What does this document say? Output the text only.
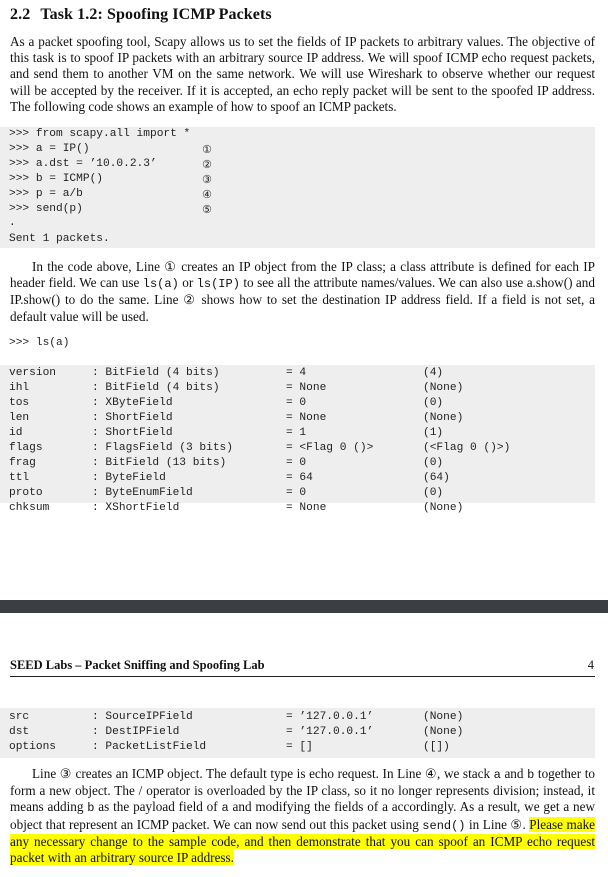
2.2 Task 1.2: Spoofing ICMP Packets

As a packet spoofing tool, Scapy allows us to set the fields of IP packets to arbitrary values. The objective of this task is to spoof IP packets with an arbitrary source IP address. We will spoof ICMP echo request packets, and send them to another VM on the same network. We will use Wireshark to observe whether our request will be accepted by the receiver. If it is accepted, an echo reply packet will be sent to the spoofed IP address. The following code shows an example of how to spoof an ICMP packets.

>>> from scapy.all import *
>>> a = IP()	①
>>> a.dst = ’10.0.2.3’	②
>>> b = ICMP()	③
>>> p = a/b	④
>>> send(p)	⑤
.
Sent 1 packets.

In the code above, Line ① creates an IP object from the IP class; a class attribute is defined for each IP header field. We can use ls(a) or ls(IP) to see all the attribute names/values. We can also use a.show() and IP.show() to do the same. Line ② shows how to set the destination IP address field. If a field is not set, a default value will be used.

>>> ls(a)
version	: BitField (4 bits)	= 4	(4)
ihl	: BitField (4 bits)	= None	(None)
tos	: XByteField	= 0	(0)
len	: ShortField	= None	(None)
id	: ShortField	= 1	(1)
flags	: FlagsField (3 bits)	= <Flag 0 ()>	(<Flag 0 ()>)
frag	: BitField (13 bits)	= 0	(0)
ttl	: ByteField	= 64	(64)
proto	: ByteEnumField	= 0	(0)
chksum	: XShortField	= None	(None)
SEED Labs – Packet Sniffing and Spoofing Lab	4
src	: SourceIPField	= ’127.0.0.1’	(None)
dst	: DestIPField	= ’127.0.0.1’	(None)
options	: PacketListField	= []	([])

Line ③ creates an ICMP object. The default type is echo request. In Line ④, we stack a and b together to form a new object. The / operator is overloaded by the IP class, so it no longer represents division; instead, it means adding b as the payload field of a and modifying the fields of a accordingly. As a result, we get a new object that represent an ICMP packet. We can now send out this packet using send() in Line ⑤. Please make any necessary change to the sample code, and then demonstrate that you can spoof an ICMP echo request packet with an arbitrary source IP address.
